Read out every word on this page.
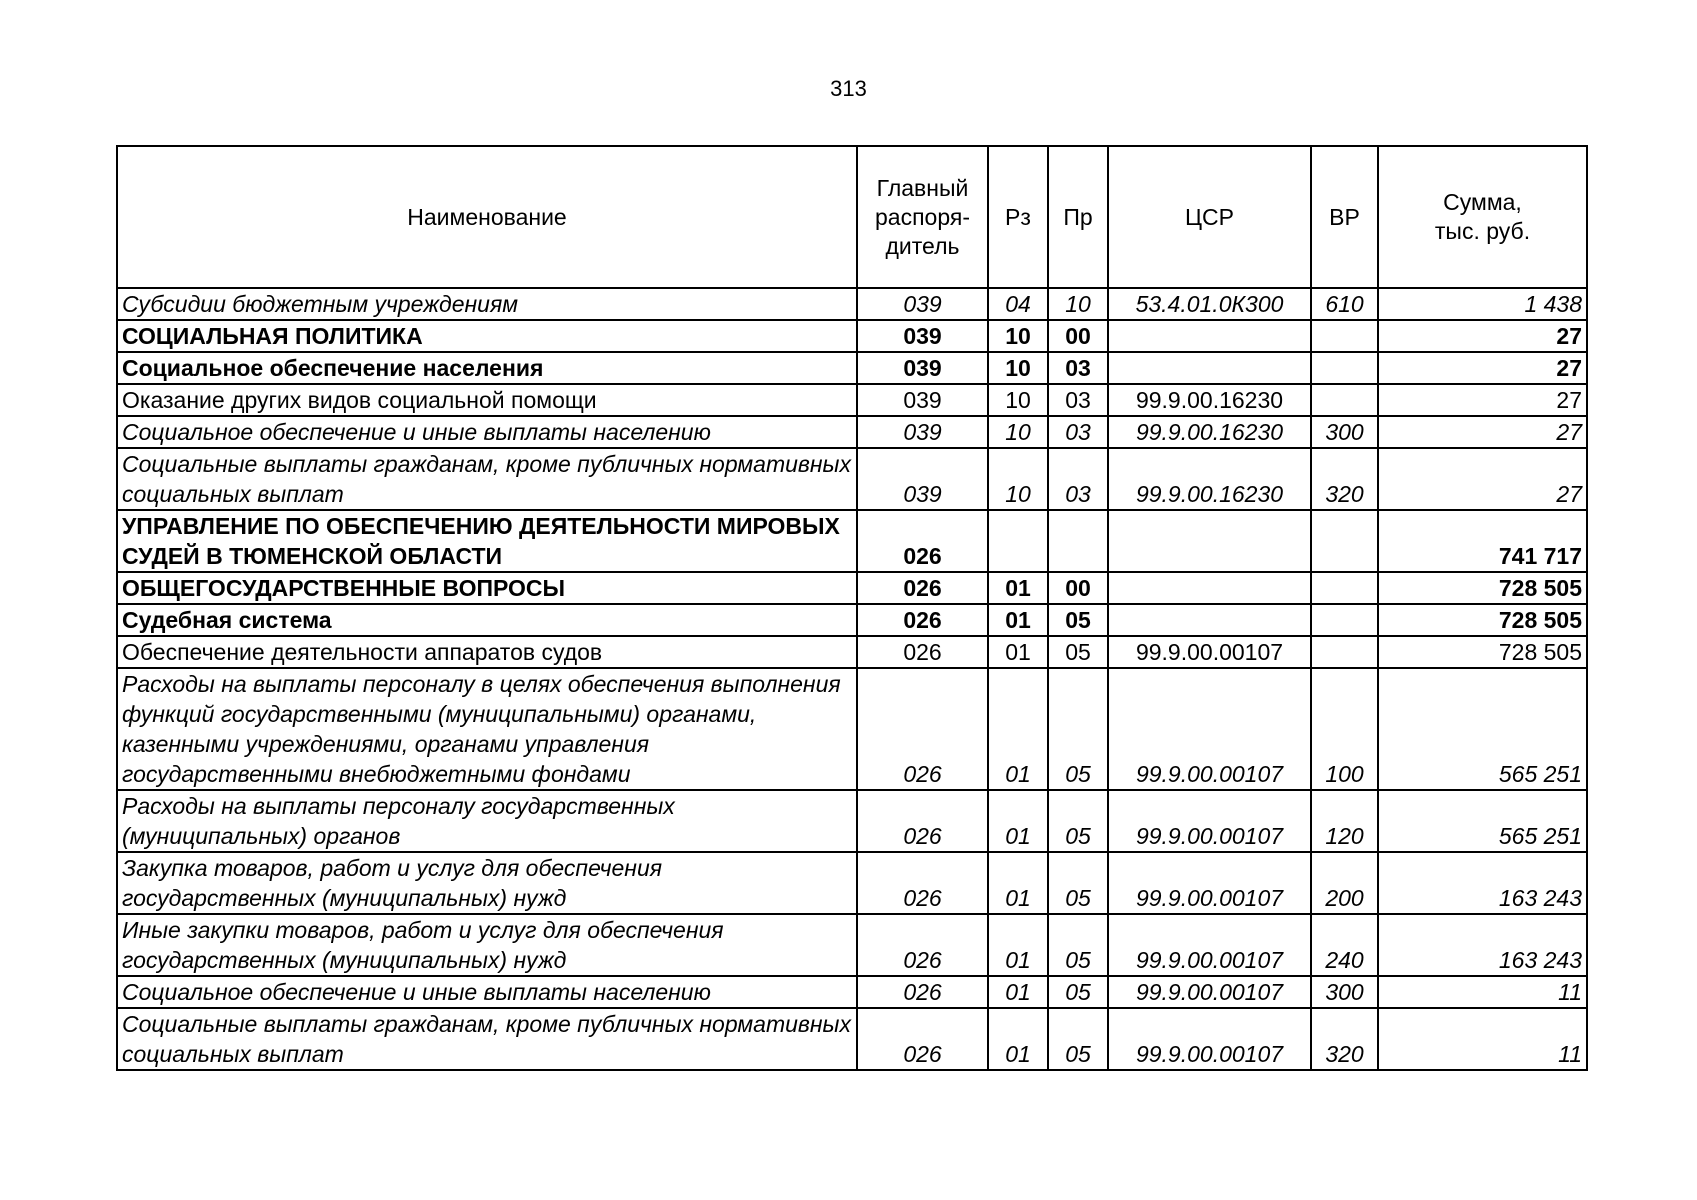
313
Наименование	Главный распоря-дитель	Рз	Пр	ЦСР	ВР	Сумма, тыс. руб.
Субсидии бюджетным учреждениям	039	04	10	53.4.01.0К300	610	1 438
СОЦИАЛЬНАЯ ПОЛИТИКА	039	10	00			27
Социальное обеспечение населения	039	10	03			27
Оказание других видов социальной помощи	039	10	03	99.9.00.16230		27
Социальное обеспечение и иные выплаты населению	039	10	03	99.9.00.16230	300	27
Социальные выплаты гражданам, кроме публичных нормативных социальных выплат	039	10	03	99.9.00.16230	320	27
УПРАВЛЕНИЕ ПО ОБЕСПЕЧЕНИЮ ДЕЯТЕЛЬНОСТИ МИРОВЫХ СУДЕЙ В ТЮМЕНСКОЙ ОБЛАСТИ	026					741 717
ОБЩЕГОСУДАРСТВЕННЫЕ ВОПРОСЫ	026	01	00			728 505
Судебная система	026	01	05			728 505
Обеспечение деятельности аппаратов судов	026	01	05	99.9.00.00107		728 505
Расходы на выплаты персоналу в целях обеспечения выполнения функций государственными (муниципальными) органами, казенными учреждениями, органами управления государственными внебюджетными фондами	026	01	05	99.9.00.00107	100	565 251
Расходы на выплаты персоналу государственных (муниципальных) органов	026	01	05	99.9.00.00107	120	565 251
Закупка товаров, работ и услуг для обеспечения государственных (муниципальных) нужд	026	01	05	99.9.00.00107	200	163 243
Иные закупки товаров, работ и услуг для обеспечения государственных (муниципальных) нужд	026	01	05	99.9.00.00107	240	163 243
Социальное обеспечение и иные выплаты населению	026	01	05	99.9.00.00107	300	11
Социальные выплаты гражданам, кроме публичных нормативных социальных выплат	026	01	05	99.9.00.00107	320	11
